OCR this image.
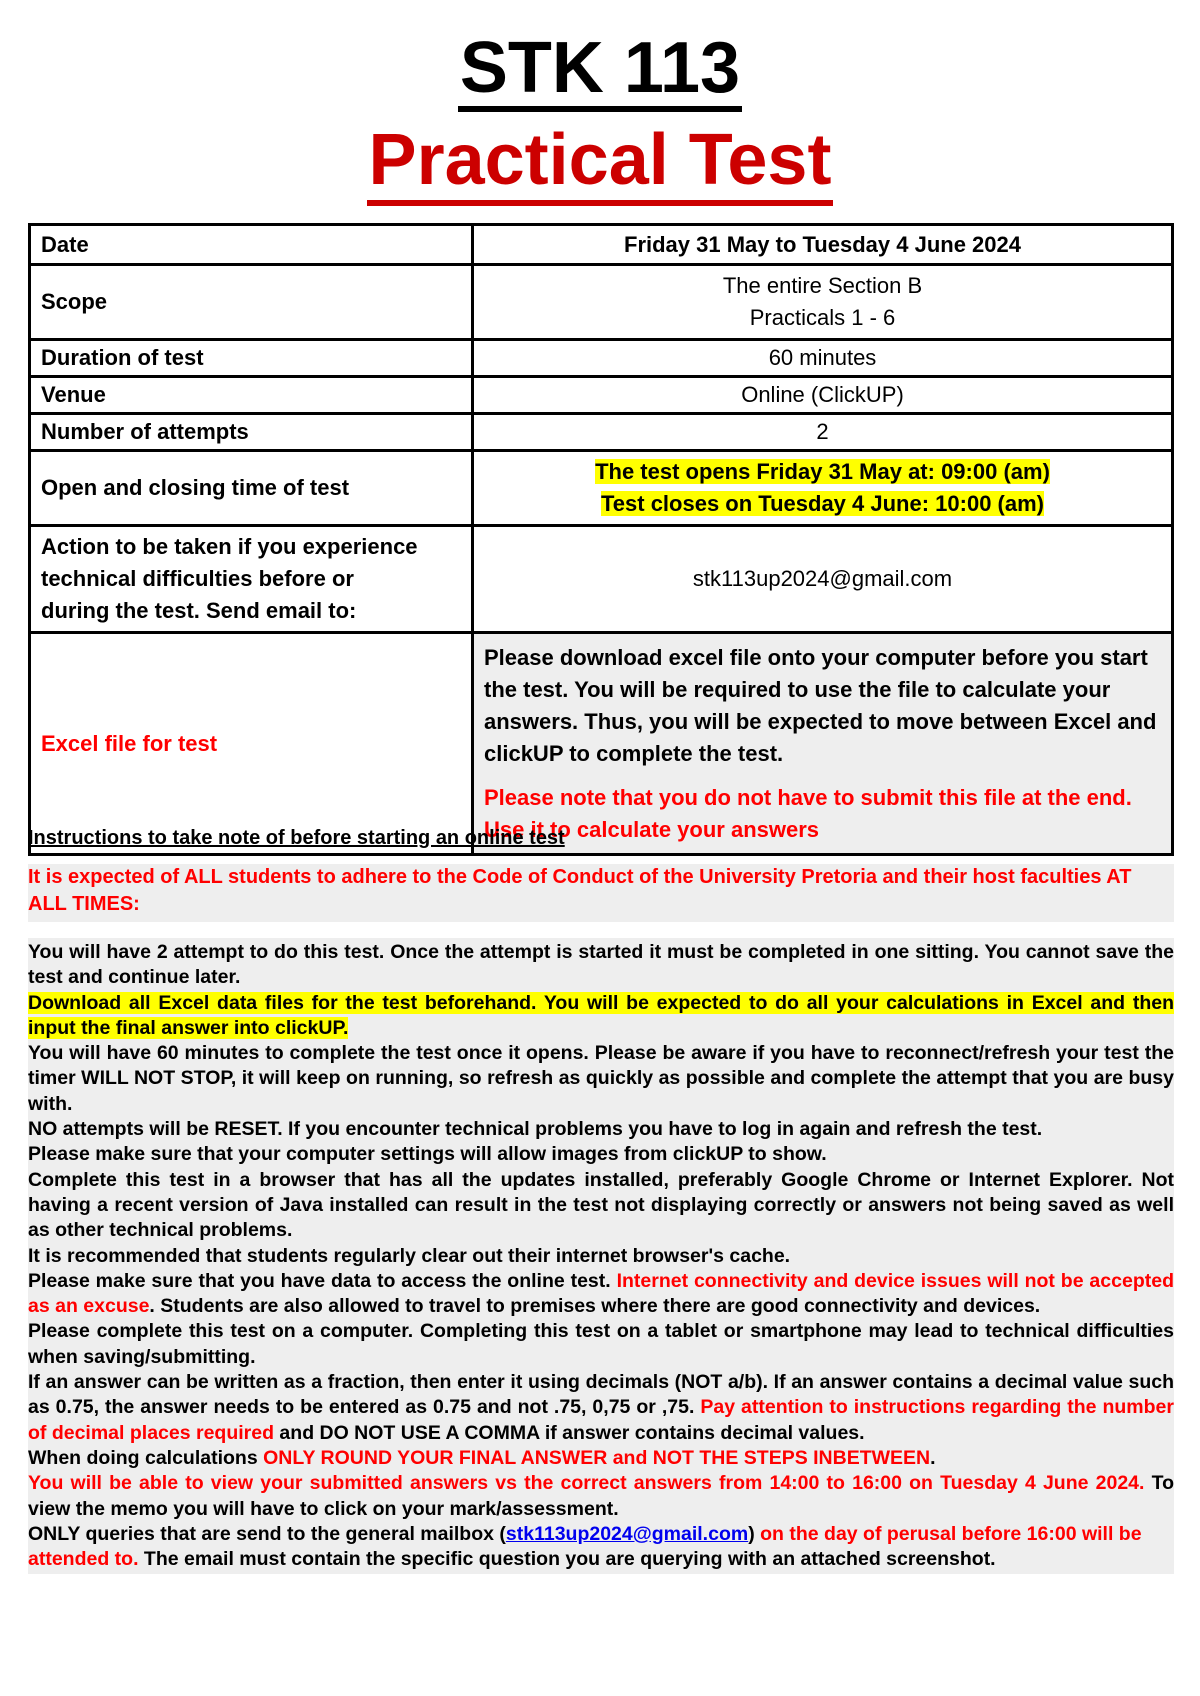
STK 113
Practical Test
Date	Friday 31 May to Tuesday 4 June 2024
Scope	The entire Section B
Practicals 1 - 6

Duration of test	60 minutes
Venue	Online (ClickUP)
Number of attempts	2
Open and closing time of test	The test opens Friday 31 May at: 09:00 (am)
Test closes on Tuesday 4 June: 10:00 (am)

Action to be taken if you experience
technical difficulties before or
during the test. Send email to:	stk113up2024@gmail.com
Excel file for test	Please download excel file onto your computer before you start the test. You will be required to use the file to calculate your answers. Thus, you will be expected to move between Excel and clickUP to complete the test.

Please note that you do not have to submit this file at the end. Use it to calculate your answers

Instructions to take note of before starting an online test

It is expected of ALL students to adhere to the Code of Conduct of the University Pretoria and their host faculties AT ALL TIMES:

You will have 2 attempt to do this test. Once the attempt is started it must be completed in one sitting. You cannot save the test and continue later.

Download all Excel data files for the test beforehand. You will be expected to do all your calculations in Excel and then input the final answer into clickUP.

You will have 60 minutes to complete the test once it opens. Please be aware if you have to reconnect/refresh your test the timer WILL NOT STOP, it will keep on running, so refresh as quickly as possible and complete the attempt that you are busy with.

NO attempts will be RESET. If you encounter technical problems you have to log in again and refresh the test.

Please make sure that your computer settings will allow images from clickUP to show.

Complete this test in a browser that has all the updates installed, preferably Google Chrome or Internet Explorer. Not having a recent version of Java installed can result in the test not displaying correctly or answers not being saved as well as other technical problems.

It is recommended that students regularly clear out their internet browser's cache.

Please make sure that you have data to access the online test. Internet connectivity and device issues will not be accepted as an excuse. Students are also allowed to travel to premises where there are good connectivity and devices.

Please complete this test on a computer. Completing this test on a tablet or smartphone may lead to technical difficulties when saving/submitting.

If an answer can be written as a fraction, then enter it using decimals (NOT a/b). If an answer contains a decimal value such as 0.75, the answer needs to be entered as 0.75 and not .75, 0,75 or ,75. Pay attention to instructions regarding the number of decimal places required and DO NOT USE A COMMA if answer contains decimal values.

When doing calculations ONLY ROUND YOUR FINAL ANSWER and NOT THE STEPS INBETWEEN.

You will be able to view your submitted answers vs the correct answers from 14:00 to 16:00 on Tuesday 4 June 2024. To view the memo you will have to click on your mark/assessment.

ONLY queries that are send to the general mailbox (stk113up2024@gmail.com) on the day of perusal before 16:00 will be attended to. The email must contain the specific question you are querying with an attached screenshot.
